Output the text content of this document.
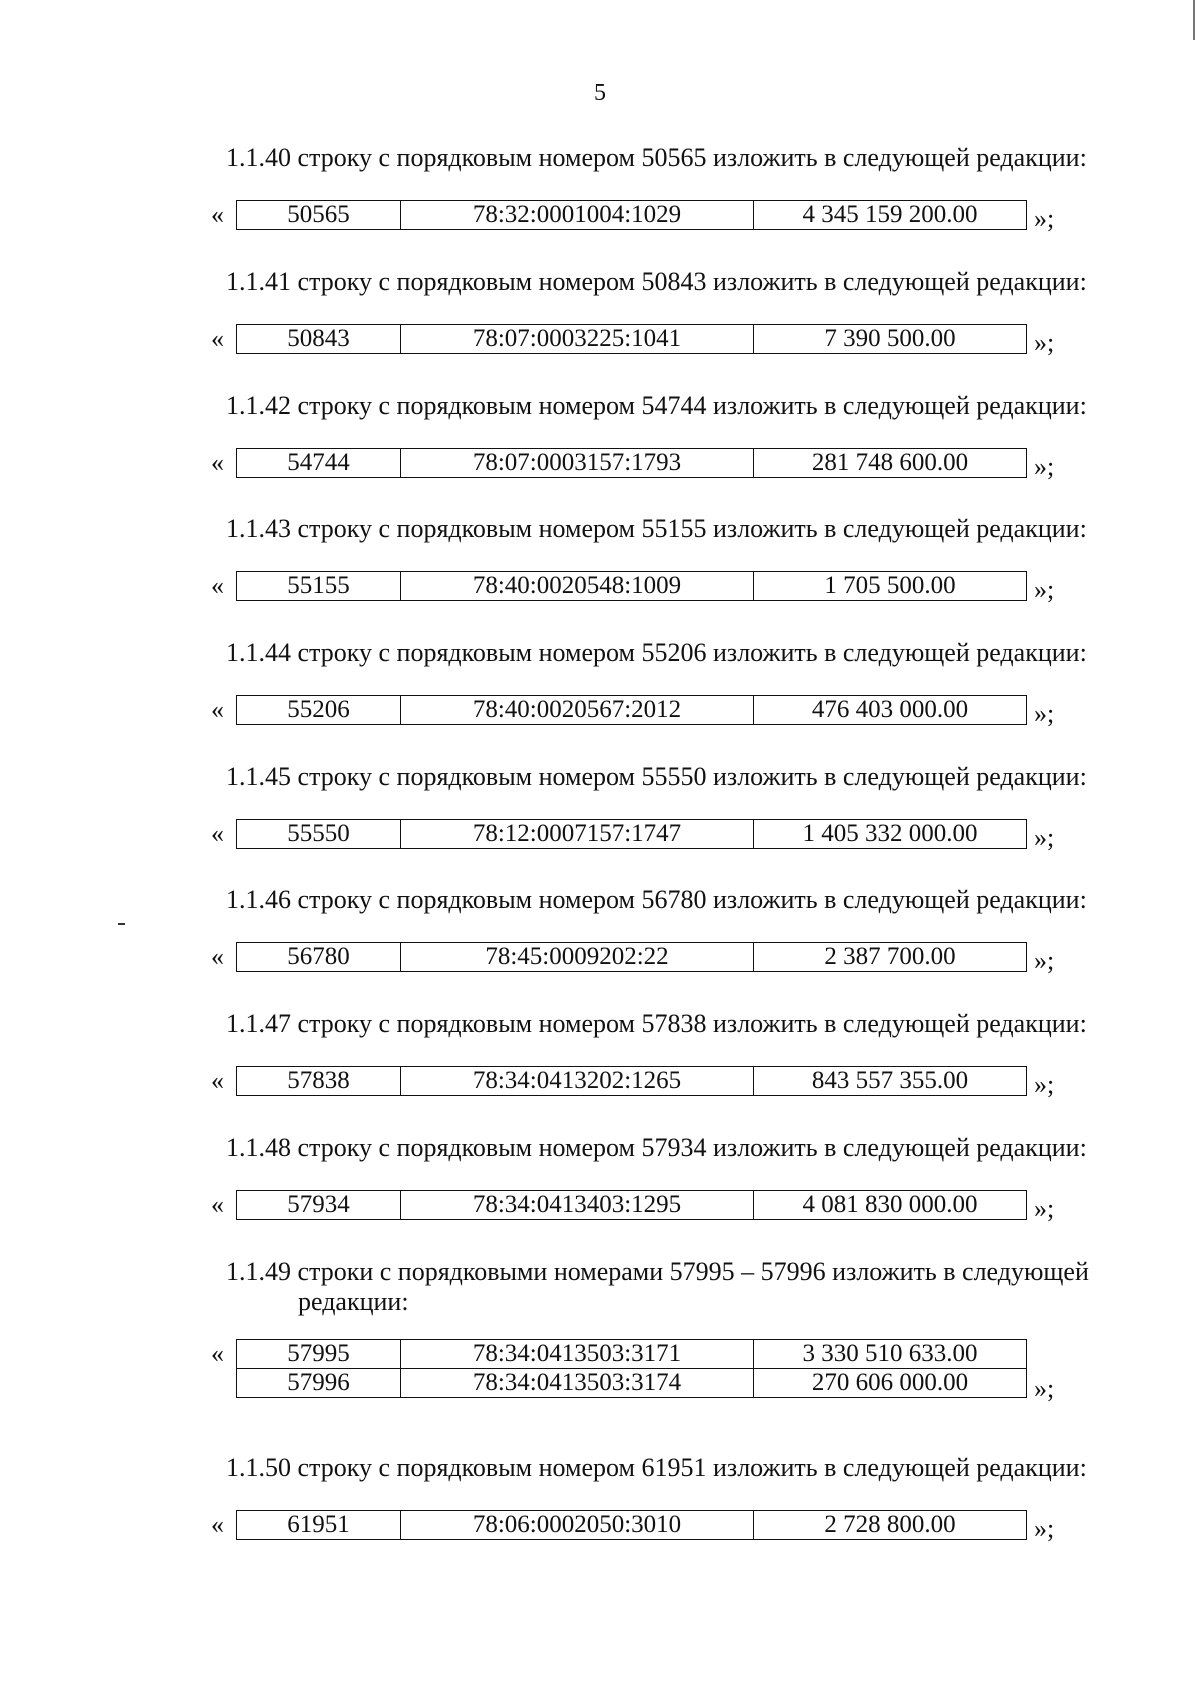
5
1.1.40 строку с порядковым номером 50565 изложить в следующей редакции:
«	50565	78:32:0001004:1029	4 345 159 200.00 »;
1.1.41 строку с порядковым номером 50843 изложить в следующей редакции:
«	50843	78:07:0003225:1041	7 390 500.00	»;
1.1.42 строку с порядковым номером 54744 изложить в следующей редакции:
«	54744	78:07:0003157:1793	281 748 600.00	»;
1.1.43 строку с порядковым номером 55155 изложить в следующей редакции:
«	55155	78:40:0020548:1009	1 705 500.00	»;
1.1.44 строку с порядковым номером 55206 изложить в следующей редакции:
«	55206	78:40:0020567:2012	476 403 000.00	»;
1.1.45 строку с порядковым номером 55550 изложить в следующей редакции:
«	55550	78:12:0007157:1747	1 405 332 000.00 »;
1.1.46 строку с порядковым номером 56780 изложить в следующей редакции:
«	56780	78:45:0009202:22	2 387 700.00	»;
1.1.47 строку с порядковым номером 57838 изложить в следующей редакции:
«	57838	78:34:0413202:1265	843 557 355.00	»;
1.1.48 строку с порядковым номером 57934 изложить в следующей редакции:
«	57934	78:34:0413403:1295	4 081 830 000.00 »;
1.1.49 строки с порядковыми номерами 57995 – 57996 изложить в следующей
редакции:
«	57995	78:34:0413503:3171	3 330 510 633.00
57996	78:34:0413503:3174	270 606 000.00	»;
1.1.50 строку с порядковым номером 61951 изложить в следующей редакции:
«	61951	78:06:0002050:3010	2 728 800.00	»;
